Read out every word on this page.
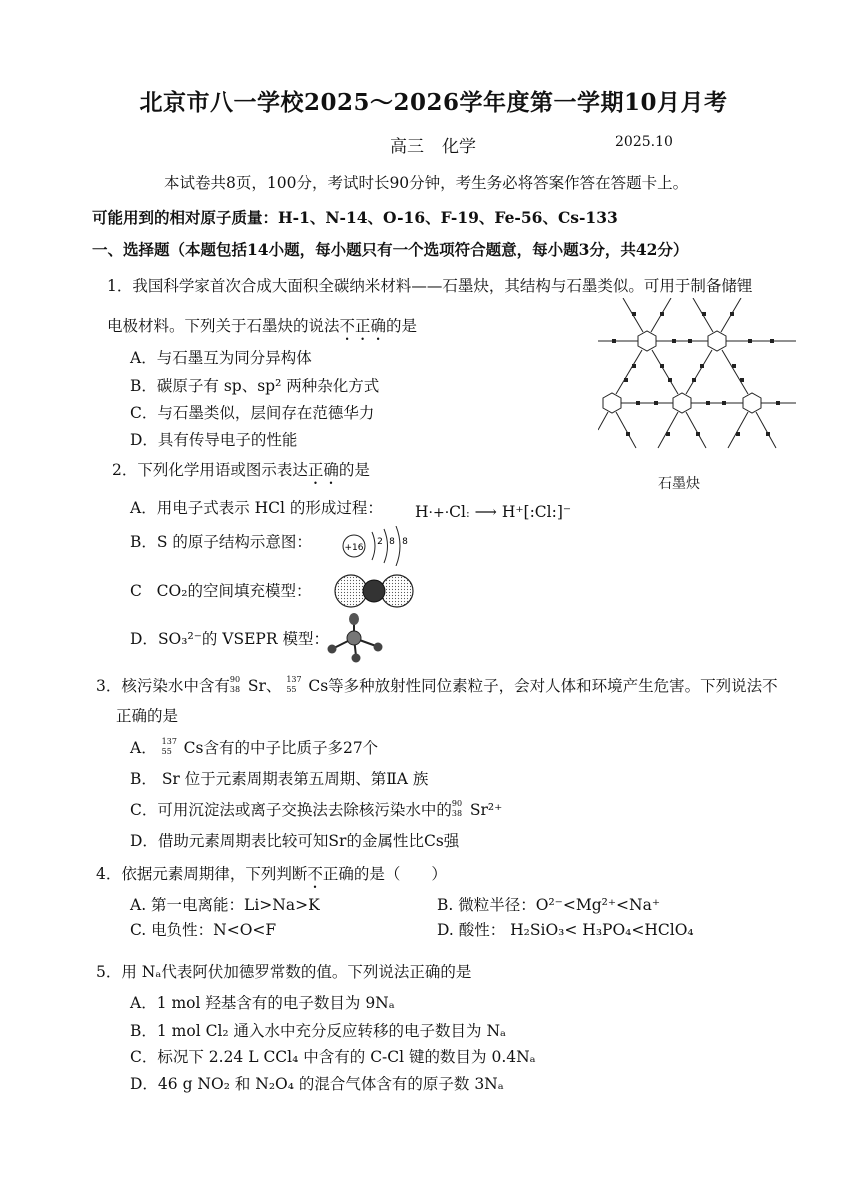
北京市八一学校2025～2026学年度第一学期10月月考
高三 化学	2025.10
本试卷共8页，100分，考试时长90分钟，考生务必将答案作答在答题卡上。
可能用到的相对原子质量：H-1、N-14、O-16、F-19、Fe-56、Cs-133
一、选择题（本题包括14小题，每小题只有一个选项符合题意，每小题3分，共42分）
1．我国科学家首次合成大面积全碳纳米材料——石墨炔，其结构与石墨类似。可用于制备储锂
电极材料。下列关于石墨炔的说法不正确的是
A．与石墨互为同分异构体
B．碳原子有 sp、sp² 两种杂化方式
C．与石墨类似，层间存在范德华力
D．具有传导电子的性能
石墨炔
2．下列化学用语或图示表达正确的是
A．用电子式表示 HCl 的形成过程： H·+·Cl: ⟶ H⁺[:Cl:]⁻
B．S 的原子结构示意图：	+16
2 8 8
C CO₂的空间填充模型：
D．SO₃²⁻的 VSEPR 模型：
3．核污染水中含有 90
38 Sr、 137
55 Cs等多种放射性同位素粒子，会对人体和环境产生危害。下列说法不
正确的是
A． 137
55 Cs含有的中子比质子多27个
B． Sr 位于元素周期表第五周期、第ⅡA 族
C．可用沉淀法或离子交换法去除核污染水中的 90
38 Sr²⁺
D．借助元素周期表比较可知Sr的金属性比Cs强
4．依据元素周期律，下列判断不正确的是（　　）
A. 第一电离能：Li>Na>K	B. 微粒半径：O²⁻<Mg²⁺<Na⁺
C. 电负性：N<O<F	D. 酸性： H₂SiO₃< H₃PO₄<HClO₄
5．用 Nₐ代表阿伏加德罗常数的值。下列说法正确的是
A．1 mol 羟基含有的电子数目为 9Nₐ
B．1 mol Cl₂ 通入水中充分反应转移的电子数目为 Nₐ
C．标况下 2.24 L CCl₄ 中含有的 C-Cl 键的数目为 0.4Nₐ
D．46 g NO₂ 和 N₂O₄ 的混合气体含有的原子数 3Nₐ
